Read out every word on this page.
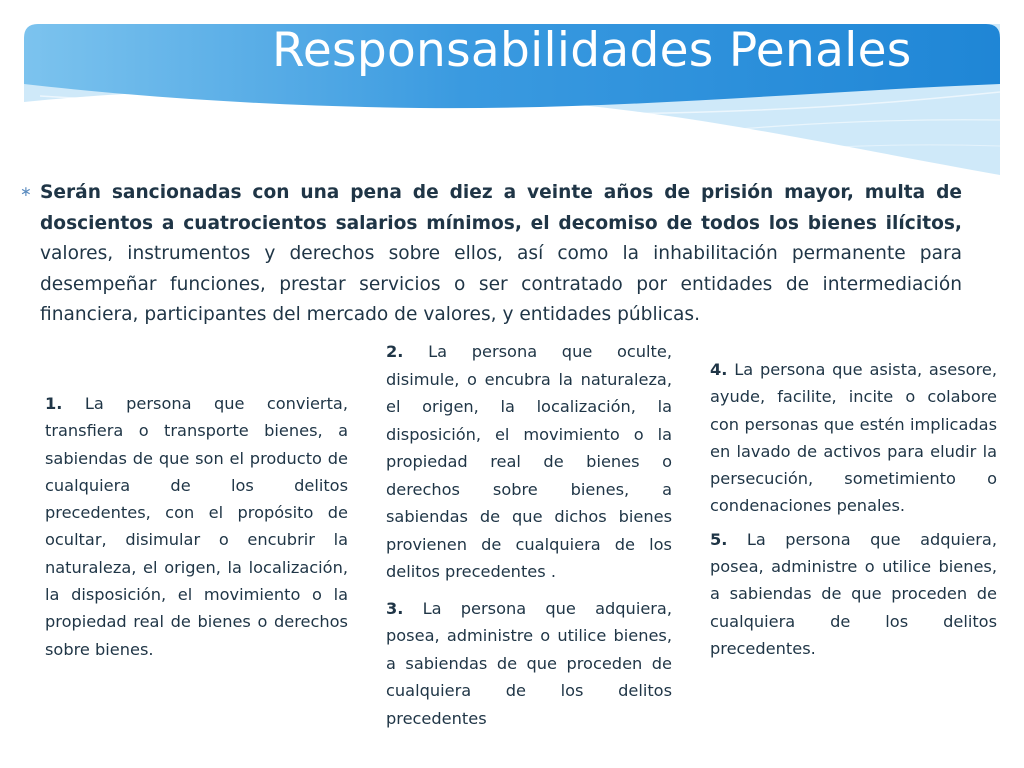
Responsabilidades Penales
∗ Serán sancionadas con una pena de diez a veinte años de prisión mayor, multa de doscientos a cuatrocientos salarios mínimos, el decomiso de todos los bienes ilícitos, valores, instrumentos y derechos sobre ellos, así como la inhabilitación permanente para desempeñar funciones, prestar servicios o ser contratado por entidades de intermediación financiera, participantes del mercado de valores, y entidades públicas.

1. La persona que convierta, transfiera o transporte bienes, a sabiendas de que son el producto de cualquiera de los delitos precedentes, con el propósito de ocultar, disimular o encubrir la naturaleza, el origen, la localización, la disposición, el movimiento o la propiedad real de bienes o derechos sobre bienes.

2. La persona que oculte, disimule, o encubra la naturaleza, el origen, la localización, la disposición, el movimiento o la propiedad real de bienes o derechos sobre bienes, a sabiendas de que dichos bienes provienen de cualquiera de los delitos precedentes .

3. La persona que adquiera, posea, administre o utilice bienes, a sabiendas de que proceden de cualquiera de los delitos precedentes

4. La persona que asista, asesore, ayude, facilite, incite o colabore con personas que estén implicadas en lavado de activos para eludir la persecución, sometimiento o condenaciones penales.

5. La persona que adquiera, posea, administre o utilice bienes, a sabiendas de que proceden de cualquiera de los delitos precedentes.
